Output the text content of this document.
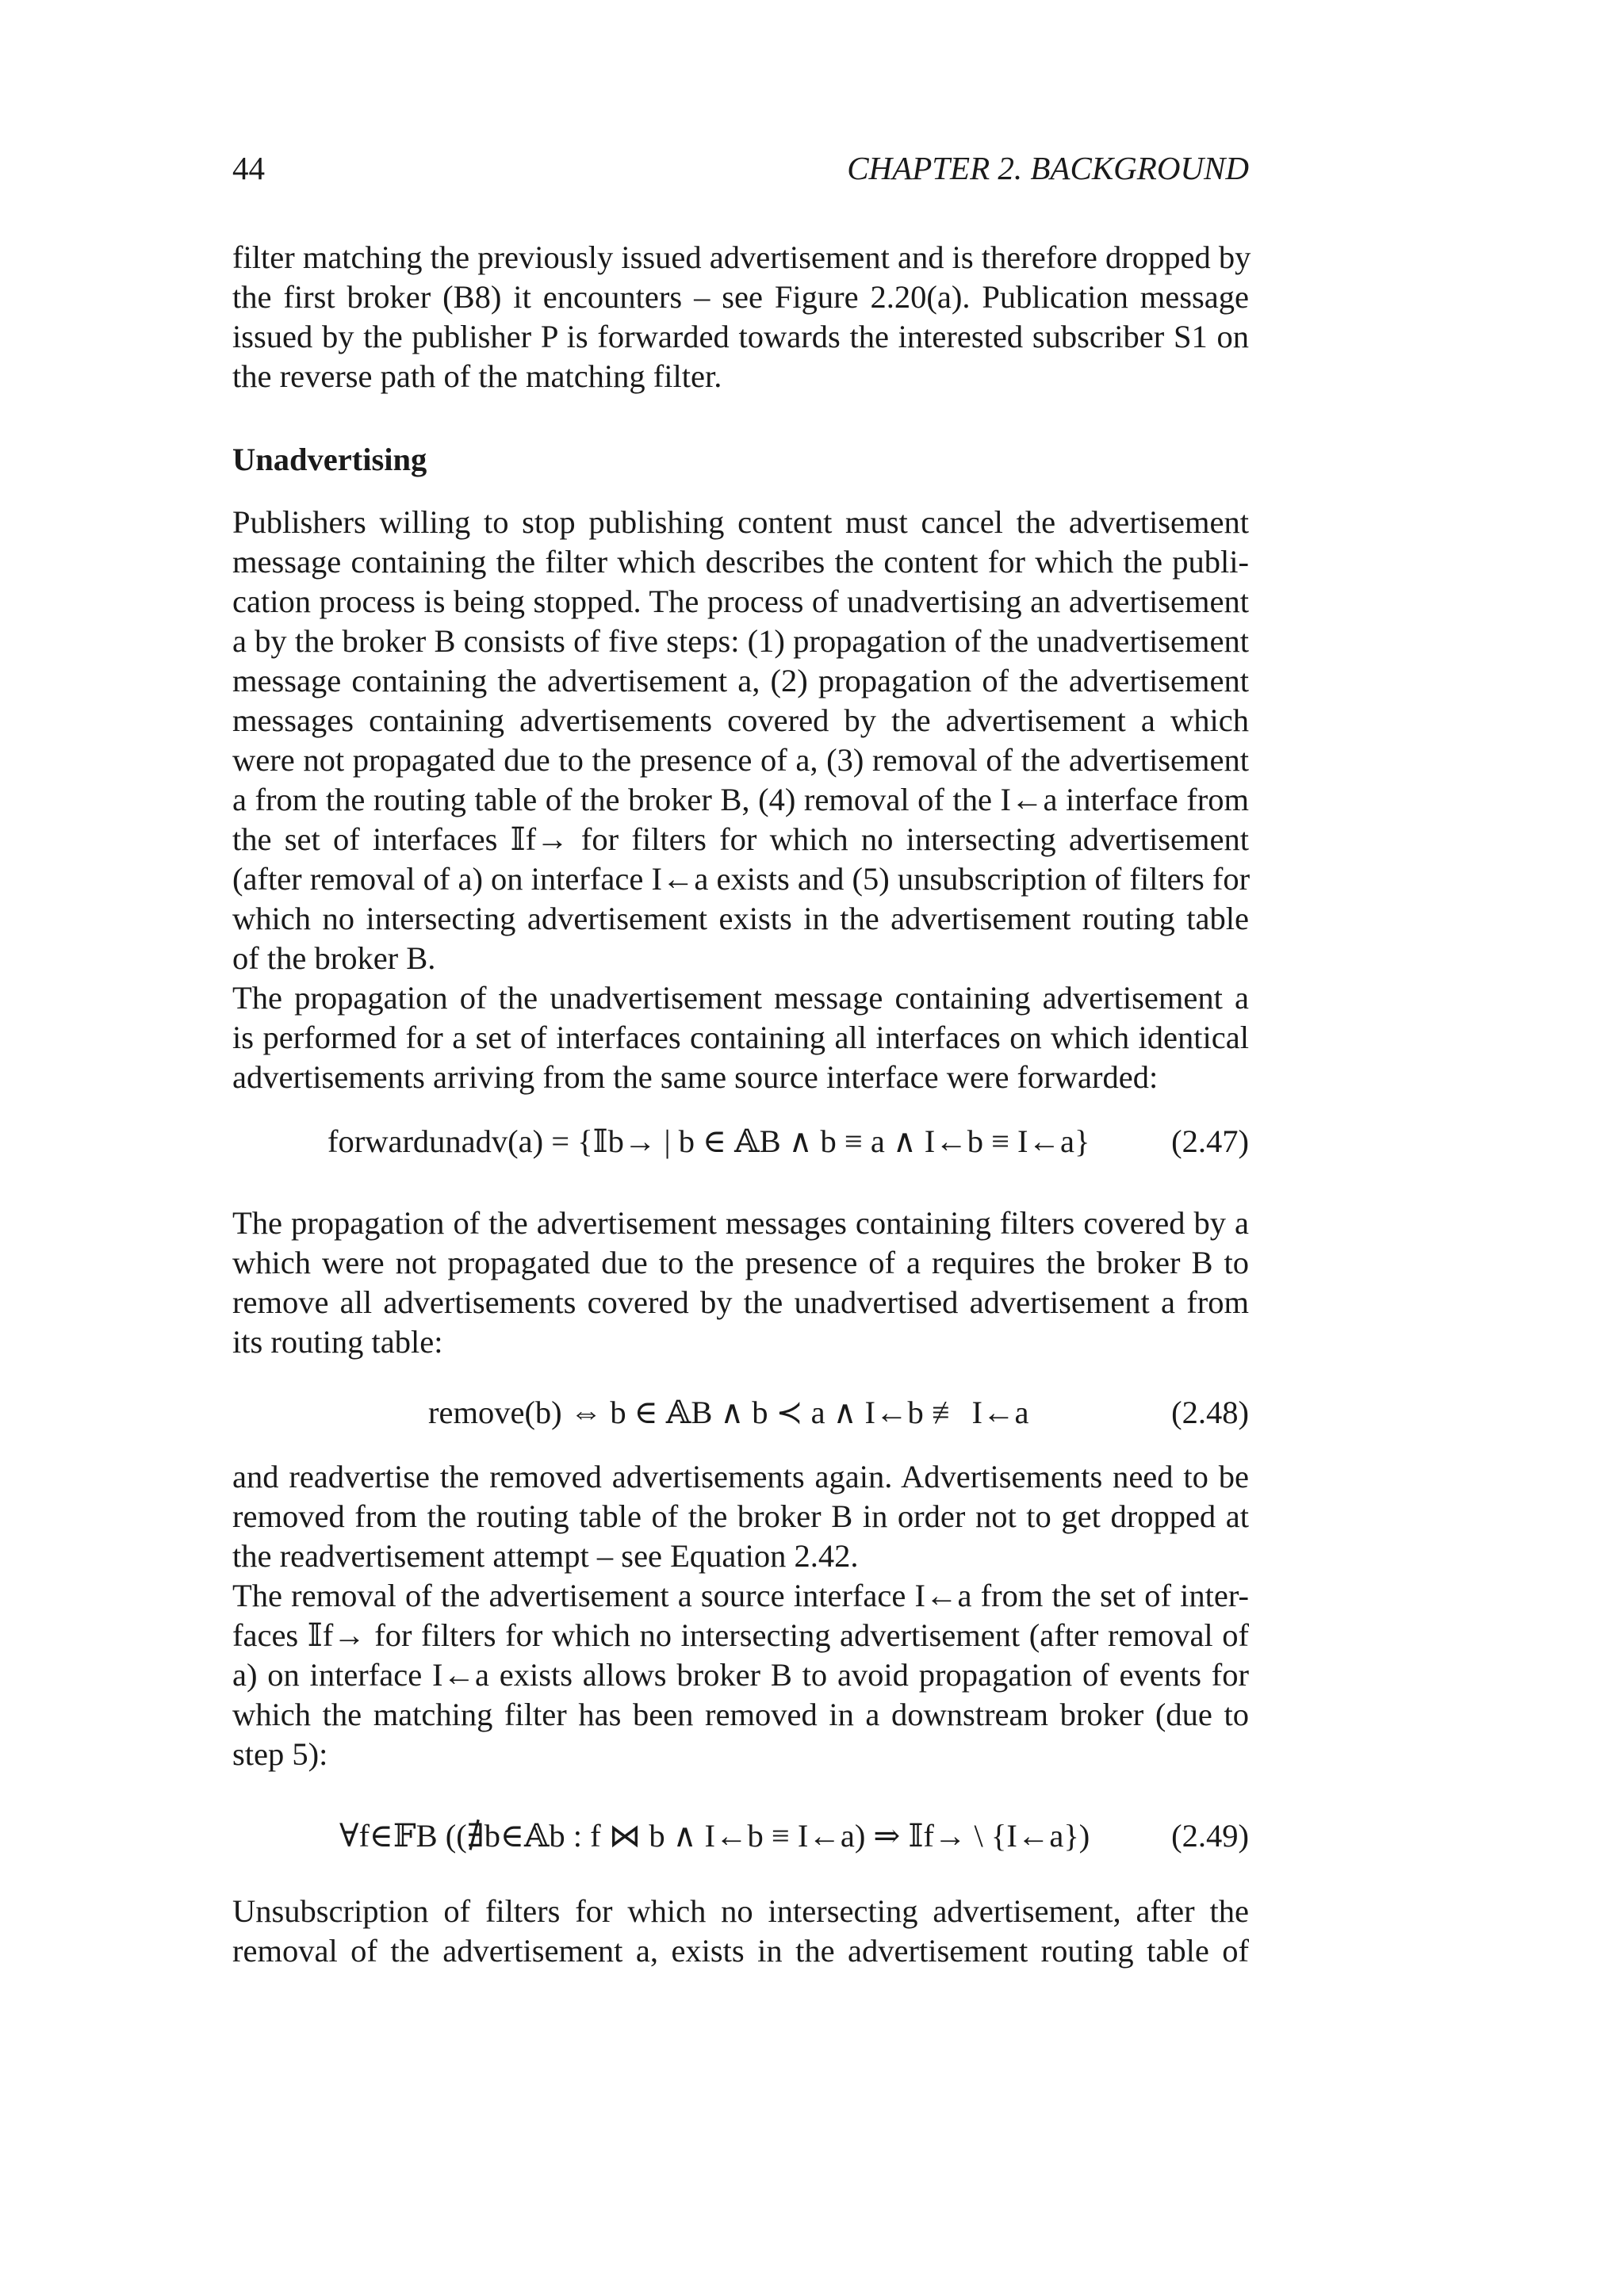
44	CHAPTER 2. BACKGROUND
filter matching the previously issued advertisement and is therefore dropped by
the first broker (B8) it encounters – see Figure 2.20(a). Publication message
issued by the publisher P is forwarded towards the interested subscriber S1 on
the reverse path of the matching filter.
Unadvertising
Publishers willing to stop publishing content must cancel the advertisement
message containing the filter which describes the content for which the publi-
cation process is being stopped. The process of unadvertising an advertisement
a by the broker B consists of five steps: (1) propagation of the unadvertisement
message containing the advertisement a, (2) propagation of the advertisement
messages containing advertisements covered by the advertisement a which
were not propagated due to the presence of a, (3) removal of the advertisement
a from the routing table of the broker B, (4) removal of the I←a interface from
the set of interfaces 𝕀f→ for filters for which no intersecting advertisement
(after removal of a) on interface I←a exists and (5) unsubscription of filters for
which no intersecting advertisement exists in the advertisement routing table
of the broker B.
The propagation of the unadvertisement message containing advertisement a
is performed for a set of interfaces containing all interfaces on which identical
advertisements arriving from the same source interface were forwarded:
forwardunadv(a) = {𝕀b→ | b ∈ 𝔸B ∧ b ≡ a ∧ I←b ≡ I←a}	(2.47)
The propagation of the advertisement messages containing filters covered by a
which were not propagated due to the presence of a requires the broker B to
remove all advertisements covered by the unadvertised advertisement a from
its routing table:
remove(b) ⇔ b ∈ 𝔸B ∧ b ≺ a ∧ I←b ≢ I←a	(2.48)
and readvertise the removed advertisements again. Advertisements need to be
removed from the routing table of the broker B in order not to get dropped at
the readvertisement attempt – see Equation 2.42.
The removal of the advertisement a source interface I←a from the set of inter-
faces 𝕀f→ for filters for which no intersecting advertisement (after removal of
a) on interface I←a exists allows broker B to avoid propagation of events for
which the matching filter has been removed in a downstream broker (due to
step 5):
∀f∈𝔽B ((∄b∈𝔸b : f ⋈ b ∧ I←b ≡ I←a) ⇒ 𝕀f→ \ {I←a})	(2.49)
Unsubscription of filters for which no intersecting advertisement, after the
removal of the advertisement a, exists in the advertisement routing table of
